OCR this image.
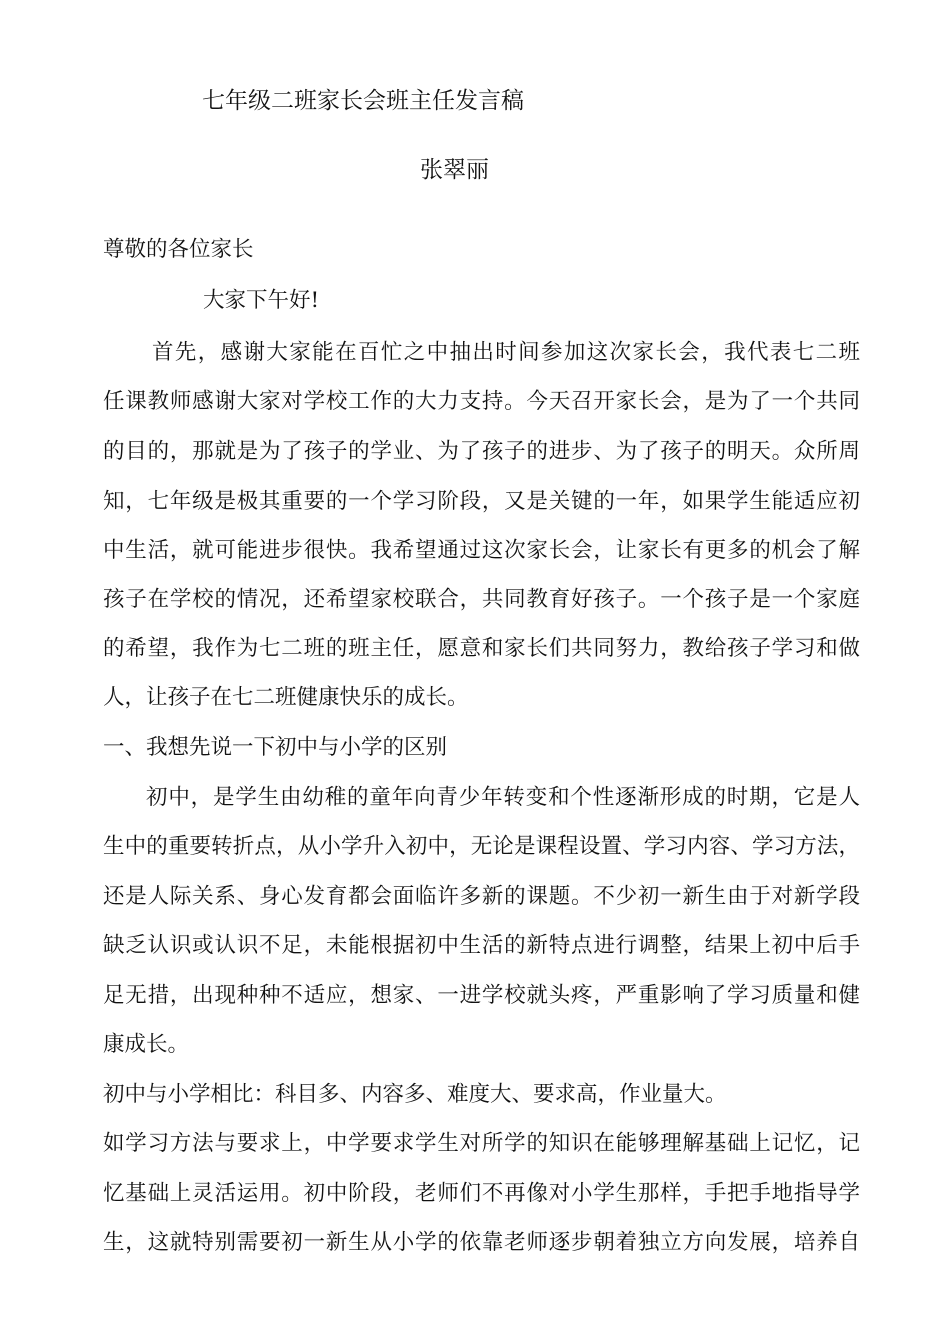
七年级二班家长会班主任发言稿
张翠丽
尊敬的各位家长
大家下午好!
首先，感谢大家能在百忙之中抽出时间参加这次家长会，我代表七二班
任课教师感谢大家对学校工作的大力支持。今天召开家长会，是为了一个共同
的目的，那就是为了孩子的学业、为了孩子的进步、为了孩子的明天。众所周
知，七年级是极其重要的一个学习阶段，又是关键的一年，如果学生能适应初
中生活，就可能进步很快。我希望通过这次家长会，让家长有更多的机会了解
孩子在学校的情况，还希望家校联合，共同教育好孩子。一个孩子是一个家庭
的希望，我作为七二班的班主任，愿意和家长们共同努力，教给孩子学习和做
人，让孩子在七二班健康快乐的成长。
一、我想先说一下初中与小学的区别
初中，是学生由幼稚的童年向青少年转变和个性逐渐形成的时期，它是人
生中的重要转折点，从小学升入初中，无论是课程设置、学习内容、学习方法，
还是人际关系、身心发育都会面临许多新的课题。不少初一新生由于对新学段
缺乏认识或认识不足，未能根据初中生活的新特点进行调整，结果上初中后手
足无措，出现种种不适应，想家、一进学校就头疼，严重影响了学习质量和健
康成长。
初中与小学相比：科目多、内容多、难度大、要求高，作业量大。
如学习方法与要求上，中学要求学生对所学的知识在能够理解基础上记忆，记
忆基础上灵活运用。初中阶段，老师们不再像对小学生那样，手把手地指导学
生，这就特别需要初一新生从小学的依靠老师逐步朝着独立方向发展，培养自
